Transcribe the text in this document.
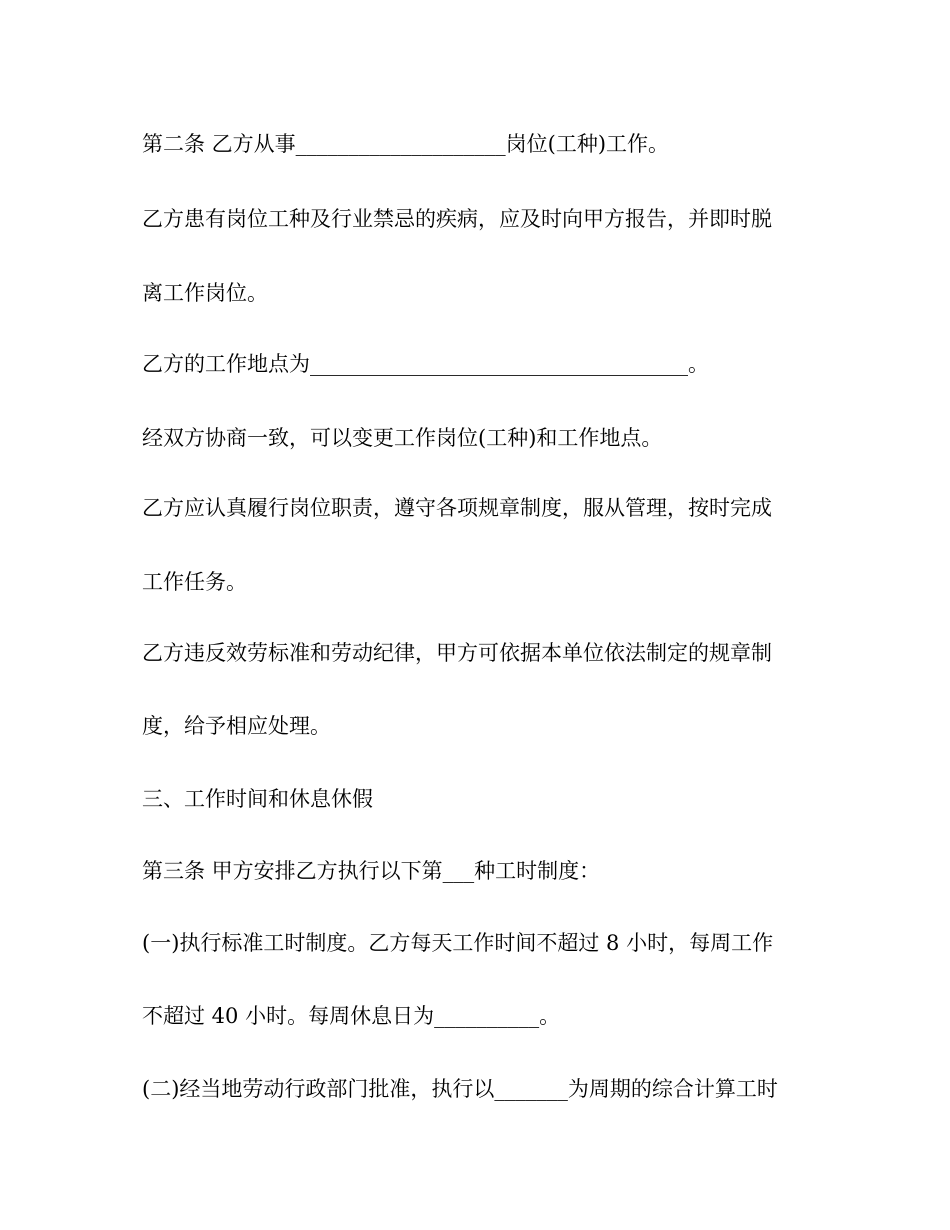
第二条 乙方从事____________________岗位(工种)工作。
乙方患有岗位工种及行业禁忌的疾病，应及时向甲方报告，并即时脱
离工作岗位。
乙方的工作地点为____________________________________。
经双方协商一致，可以变更工作岗位(工种)和工作地点。
乙方应认真履行岗位职责，遵守各项规章制度，服从管理，按时完成
工作任务。
乙方违反效劳标准和劳动纪律，甲方可依据本单位依法制定的规章制
度，给予相应处理。
三、工作时间和休息休假
第三条 甲方安排乙方执行以下第___种工时制度：
(一)执行标准工时制度。乙方每天工作时间不超过 8 小时，每周工作
不超过 40 小时。每周休息日为__________。
(二)经当地劳动行政部门批准，执行以_______为周期的综合计算工时
